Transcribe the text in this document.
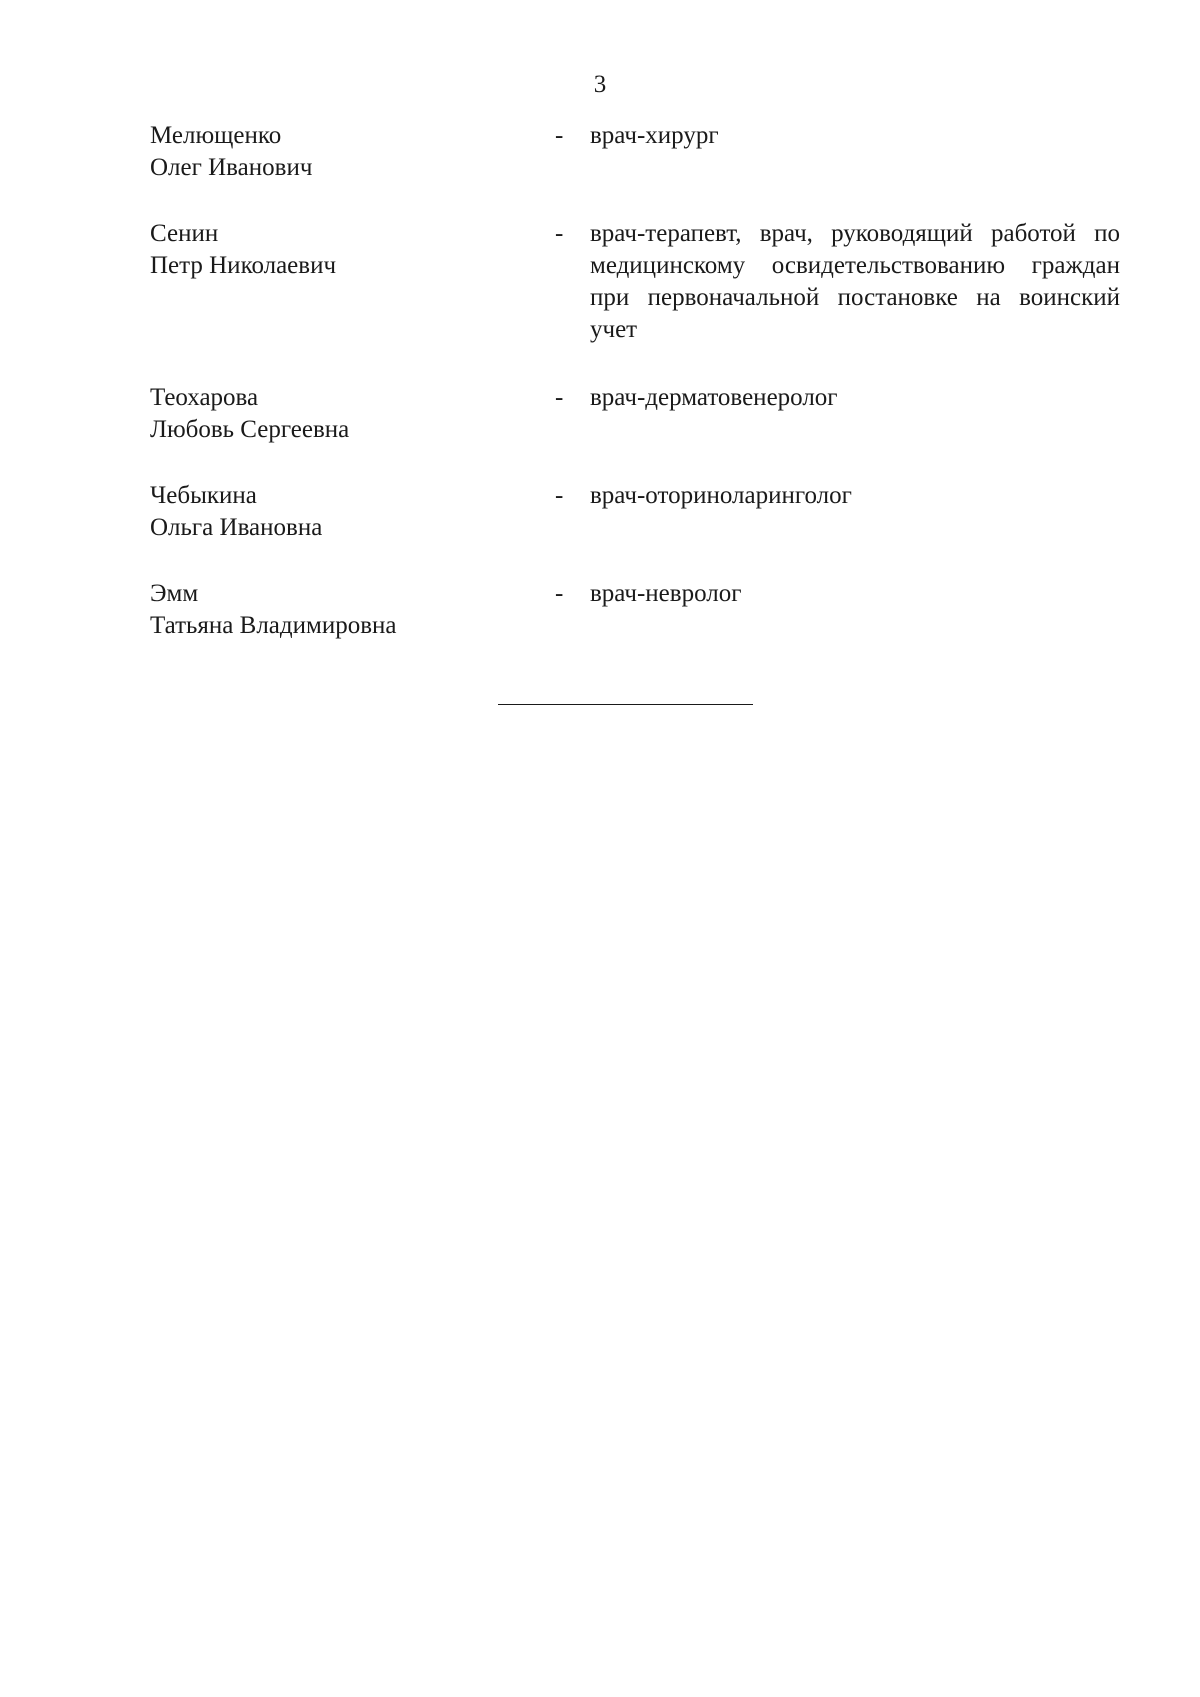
3
Мелющенко
Олег Иванович
- врач-хирург
Сенин
Петр Николаевич
- врач-терапевт, врач, руководящий работой по медицинскому освидетельствованию граждан при первоначальной постановке на воинский учет
Теохарова
Любовь Сергеевна
- врач-дерматовенеролог
Чебыкина
Ольга Ивановна
- врач-оториноларинголог
Эмм
Татьяна Владимировна
- врач-невролог
